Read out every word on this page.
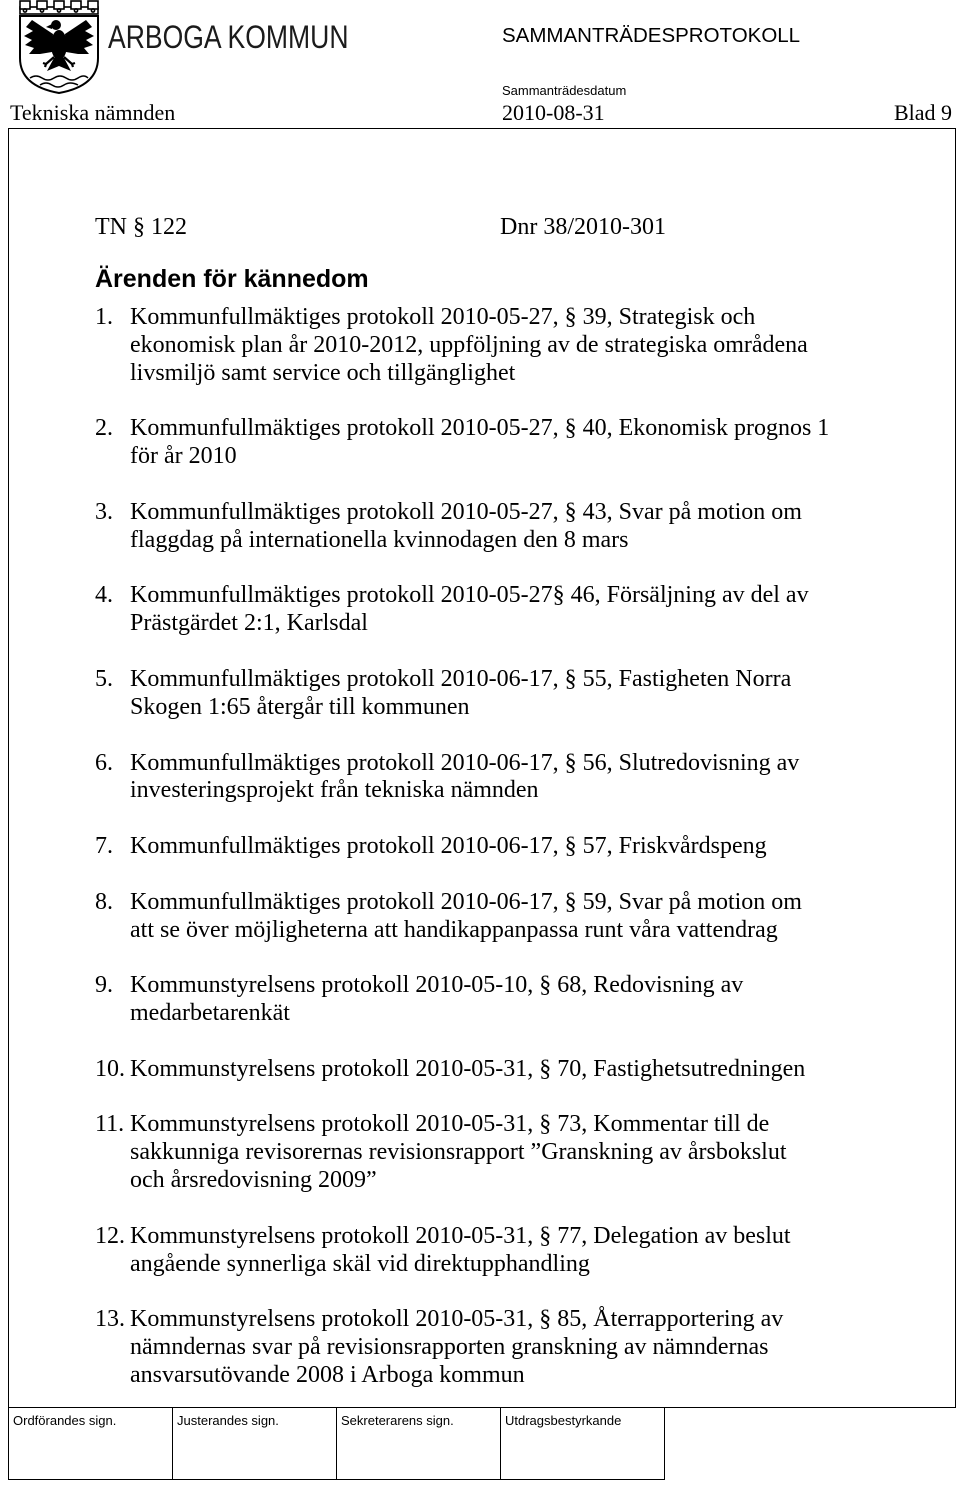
ARBOGA KOMMUN	SAMMANTRÄDESPROTOKOLL
Sammanträdesdatum
Tekniska nämnden	2010-08-31	Blad 9
TN § 122	Dnr 38/2010-301
Ärenden för kännedom
1. Kommunfullmäktiges protokoll 2010-05-27, § 39, Strategisk och
ekonomisk plan år 2010-2012, uppföljning av de strategiska områdena
livsmiljö samt service och tillgänglighet
2. Kommunfullmäktiges protokoll 2010-05-27, § 40, Ekonomisk prognos 1
för år 2010
3. Kommunfullmäktiges protokoll 2010-05-27, § 43, Svar på motion om
flaggdag på internationella kvinnodagen den 8 mars
4. Kommunfullmäktiges protokoll 2010-05-27§ 46, Försäljning av del av
Prästgärdet 2:1, Karlsdal
5. Kommunfullmäktiges protokoll 2010-06-17, § 55, Fastigheten Norra
Skogen 1:65 återgår till kommunen
6. Kommunfullmäktiges protokoll 2010-06-17, § 56, Slutredovisning av
investeringsprojekt från tekniska nämnden
7. Kommunfullmäktiges protokoll 2010-06-17, § 57, Friskvårdspeng
8. Kommunfullmäktiges protokoll 2010-06-17, § 59, Svar på motion om
att se över möjligheterna att handikappanpassa runt våra vattendrag
9. Kommunstyrelsens protokoll 2010-05-10, § 68, Redovisning av
medarbetarenkät
10. Kommunstyrelsens protokoll 2010-05-31, § 70, Fastighetsutredningen
11. Kommunstyrelsens protokoll 2010-05-31, § 73, Kommentar till de
sakkunniga revisorernas revisionsrapport ”Granskning av årsbokslut
och årsredovisning 2009”
12. Kommunstyrelsens protokoll 2010-05-31, § 77, Delegation av beslut
angående synnerliga skäl vid direktupphandling
13. Kommunstyrelsens protokoll 2010-05-31, § 85, Återrapportering av
nämndernas svar på revisionsrapporten granskning av nämndernas
ansvarsutövande 2008 i Arboga kommun
Ordförandes sign.	Justerandes sign.	Sekreterarens sign.	Utdragsbestyrkande
